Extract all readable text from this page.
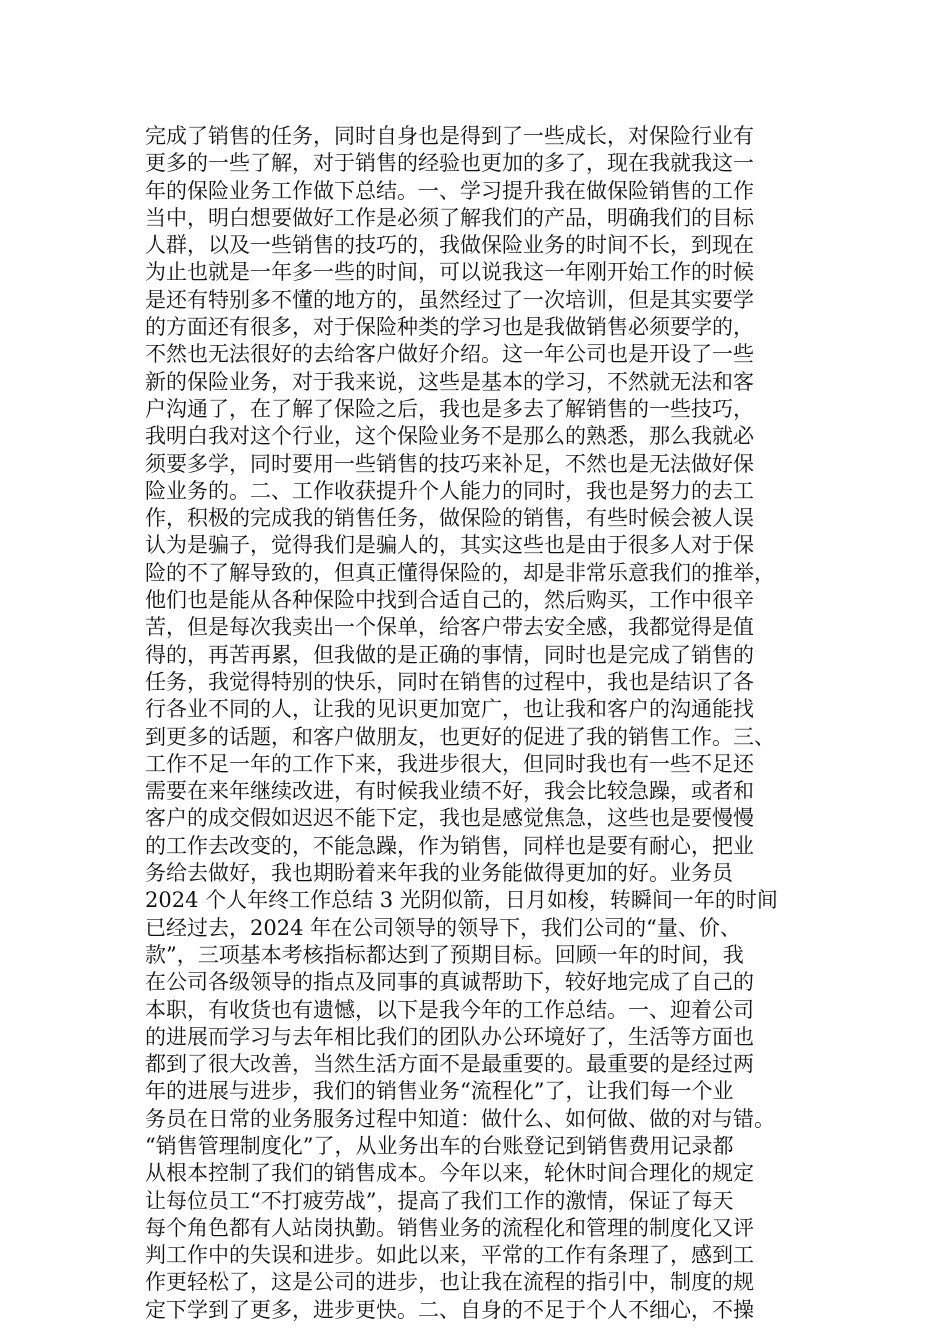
完成了销售的任务，同时自身也是得到了一些成长，对保险行业有
更多的一些了解，对于销售的经验也更加的多了，现在我就我这一
年的保险业务工作做下总结。一、学习提升我在做保险销售的工作
当中，明白想要做好工作是必须了解我们的产品，明确我们的目标
人群，以及一些销售的技巧的，我做保险业务的时间不长，到现在
为止也就是一年多一些的时间，可以说我这一年刚开始工作的时候
是还有特别多不懂的地方的，虽然经过了一次培训，但是其实要学
的方面还有很多，对于保险种类的学习也是我做销售必须要学的，
不然也无法很好的去给客户做好介绍。这一年公司也是开设了一些
新的保险业务，对于我来说，这些是基本的学习，不然就无法和客
户沟通了，在了解了保险之后，我也是多去了解销售的一些技巧，
我明白我对这个行业，这个保险业务不是那么的熟悉，那么我就必
须要多学，同时要用一些销售的技巧来补足，不然也是无法做好保
险业务的。二、工作收获提升个人能力的同时，我也是努力的去工
作，积极的完成我的销售任务，做保险的销售，有些时候会被人误
认为是骗子，觉得我们是骗人的，其实这些也是由于很多人对于保
险的不了解导致的，但真正懂得保险的，却是非常乐意我们的推举，
他们也是能从各种保险中找到合适自己的，然后购买，工作中很辛
苦，但是每次我卖出一个保单，给客户带去安全感，我都觉得是值
得的，再苦再累，但我做的是正确的事情，同时也是完成了销售的
任务，我觉得特别的快乐，同时在销售的过程中，我也是结识了各
行各业不同的人，让我的见识更加宽广，也让我和客户的沟通能找
到更多的话题，和客户做朋友，也更好的促进了我的销售工作。三、
工作不足一年的工作下来，我进步很大，但同时我也有一些不足还
需要在来年继续改进，有时候我业绩不好，我会比较急躁，或者和
客户的成交假如迟迟不能下定，我也是感觉焦急，这些也是要慢慢
的工作去改变的，不能急躁，作为销售，同样也是要有耐心，把业
务给去做好，我也期盼着来年我的业务能做得更加的好。业务员
2024 个人年终工作总结 3 光阴似箭，日月如梭，转瞬间一年的时间
已经过去，2024 年在公司领导的领导下，我们公司的“量、价、
款”，三项基本考核指标都达到了预期目标。回顾一年的时间，我
在公司各级领导的指点及同事的真诚帮助下，较好地完成了自己的
本职，有收货也有遗憾，以下是我今年的工作总结。一、迎着公司
的进展而学习与去年相比我们的团队办公环境好了，生活等方面也
都到了很大改善，当然生活方面不是最重要的。最重要的是经过两
年的进展与进步，我们的销售业务“流程化”了，让我们每一个业
务员在日常的业务服务过程中知道：做什么、如何做、做的对与错。
“销售管理制度化”了，从业务出车的台账登记到销售费用记录都
从根本控制了我们的销售成本。今年以来，轮休时间合理化的规定
让每位员工“不打疲劳战”，提高了我们工作的激情，保证了每天
每个角色都有人站岗执勤。销售业务的流程化和管理的制度化又评
判工作中的失误和进步。如此以来，平常的工作有条理了，感到工
作更轻松了，这是公司的进步，也让我在流程的指引中，制度的规
定下学到了更多，进步更快。二、自身的不足于个人不细心，不操
